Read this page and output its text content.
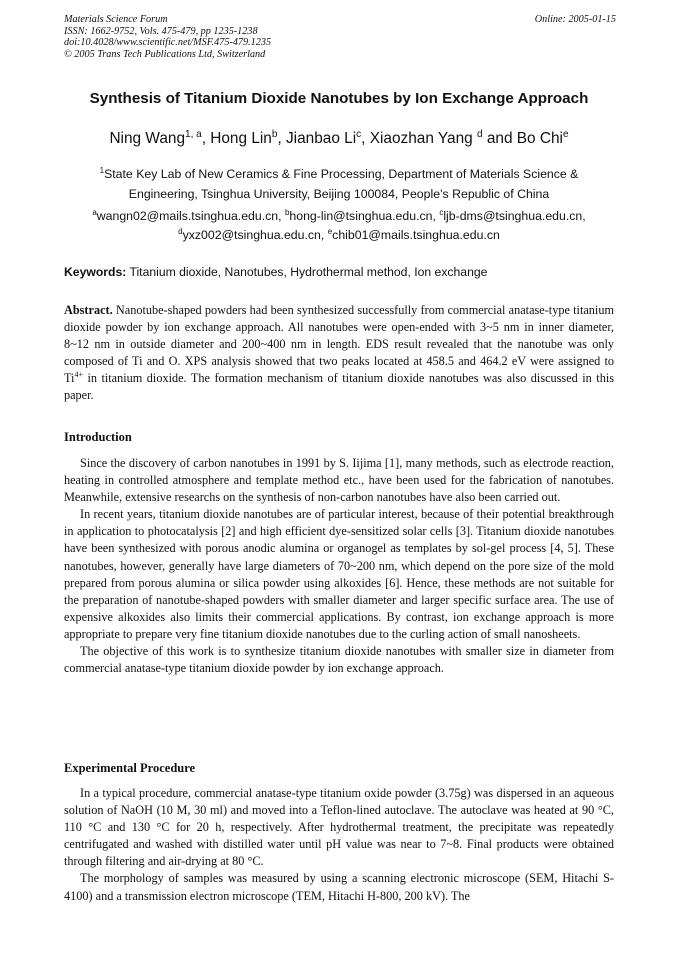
Materials Science Forum
ISSN: 1662-9752, Vols. 475-479, pp 1235-1238
doi:10.4028/www.scientific.net/MSF.475-479.1235
© 2005 Trans Tech Publications Ltd, Switzerland
Online: 2005-01-15
Synthesis of Titanium Dioxide Nanotubes by Ion Exchange Approach
Ning Wang$^{1, a}$, Hong Lin$^b$, Jianbao Li$^c$, Xiaozhan Yang $^d$ and Bo Chi$^e$
$^1$State Key Lab of New Ceramics & Fine Processing, Department of Materials Science &
Engineering, Tsinghua University, Beijing 100084, People’s Republic of China
$^a$wangn02@mails.tsinghua.edu.cn, $^b$hong-lin@tsinghua.edu.cn, $^c$ljb-dms@tsinghua.edu.cn,
$^d$yxz002@tsinghua.edu.cn, $^e$chib01@mails.tsinghua.edu.cn
Keywords: Titanium dioxide, Nanotubes, Hydrothermal method, Ion exchange

Abstract. Nanotube-shaped powders had been synthesized successfully from commercial anatase-type titanium dioxide powder by ion exchange approach. All nanotubes were open-ended with 3~5 nm in inner diameter, 8~12 nm in outside diameter and 200~400 nm in length. EDS result revealed that the nanotube was only composed of Ti and O. XPS analysis showed that two peaks located at 458.5 and 464.2 eV were assigned to $Ti^{4+}$ in titanium dioxide. The formation mechanism of titanium dioxide nanotubes was also discussed in this paper.

Introduction

Since the discovery of carbon nanotubes in 1991 by S. Iijima [1], many methods, such as electrode reaction, heating in controlled atmosphere and template method etc., have been used for the fabrication of nanotubes. Meanwhile, extensive researchs on the synthesis of non-carbon nanotubes have also been carried out.

In recent years, titanium dioxide nanotubes are of particular interest, because of their potential breakthrough in application to photocatalysis [2] and high efficient dye-sensitized solar cells [3]. Titanium dioxide nanotubes have been synthesized with porous anodic alumina or organogel as templates by sol-gel process [4, 5]. These nanotubes, however, generally have large diameters of 70~200 nm, which depend on the pore size of the mold prepared from porous alumina or silica powder using alkoxides [6]. Hence, these methods are not suitable for the preparation of nanotube-shaped powders with smaller diameter and larger specific surface area. The use of expensive alkoxides also limits their commercial applications. By contrast, ion exchange approach is more appropriate to prepare very fine titanium dioxide nanotubes due to the curling action of small nanosheets.

The objective of this work is to synthesize titanium dioxide nanotubes with smaller size in diameter from commercial anatase-type titanium dioxide powder by ion exchange approach.

Experimental Procedure

In a typical procedure, commercial anatase-type titanium oxide powder (3.75g) was dispersed in an aqueous solution of NaOH (10 M, 30 ml) and moved into a Teflon-lined autoclave. The autoclave was heated at 90 °C, 110 °C and 130 °C for 20 h, respectively. After hydrothermal treatment, the precipitate was repeatedly centrifugated and washed with distilled water until pH value was near to 7~8. Final products were obtained through filtering and air-drying at 80 °C.

The morphology of samples was measured by using a scanning electronic microscope (SEM, Hitachi S-4100) and a transmission electron microscope (TEM, Hitachi H-800, 200 kV). The
